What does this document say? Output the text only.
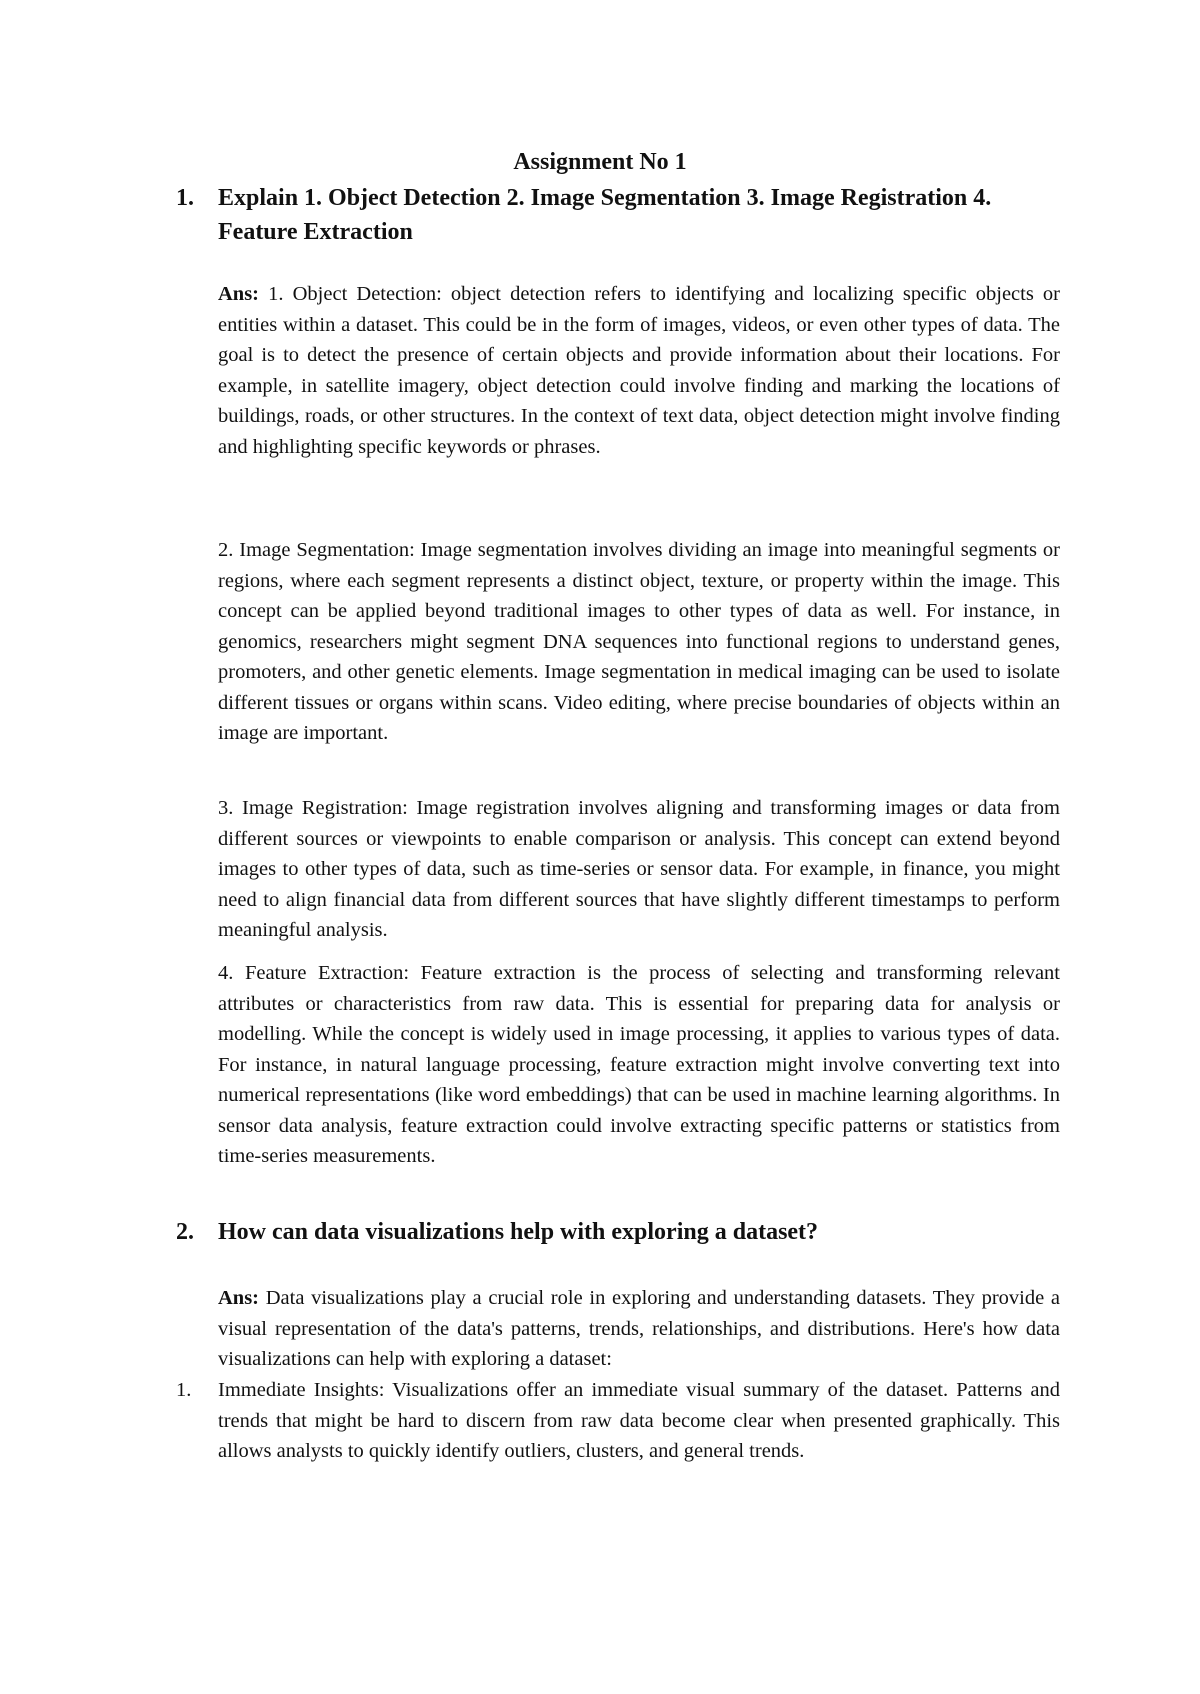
Assignment No 1
1. Explain 1. Object Detection 2. Image Segmentation 3. Image Registration 4. Feature Extraction

Ans: 1. Object Detection: object detection refers to identifying and localizing specific objects or entities within a dataset. This could be in the form of images, videos, or even other types of data. The goal is to detect the presence of certain objects and provide information about their locations. For example, in satellite imagery, object detection could involve finding and marking the locations of buildings, roads, or other structures. In the context of text data, object detection might involve finding and highlighting specific keywords or phrases.

2. Image Segmentation: Image segmentation involves dividing an image into meaningful segments or regions, where each segment represents a distinct object, texture, or property within the image. This concept can be applied beyond traditional images to other types of data as well. For instance, in genomics, researchers might segment DNA sequences into functional regions to understand genes, promoters, and other genetic elements. Image segmentation in medical imaging can be used to isolate different tissues or organs within scans. Video editing, where precise boundaries of objects within an image are important.

3. Image Registration: Image registration involves aligning and transforming images or data from different sources or viewpoints to enable comparison or analysis. This concept can extend beyond images to other types of data, such as time-series or sensor data. For example, in finance, you might need to align financial data from different sources that have slightly different timestamps to perform meaningful analysis.

4. Feature Extraction: Feature extraction is the process of selecting and transforming relevant attributes or characteristics from raw data. This is essential for preparing data for analysis or modelling. While the concept is widely used in image processing, it applies to various types of data. For instance, in natural language processing, feature extraction might involve converting text into numerical representations (like word embeddings) that can be used in machine learning algorithms. In sensor data analysis, feature extraction could involve extracting specific patterns or statistics from time-series measurements.

2. How can data visualizations help with exploring a dataset?

Ans: Data visualizations play a crucial role in exploring and understanding datasets. They provide a visual representation of the data's patterns, trends, relationships, and distributions. Here's how data visualizations can help with exploring a dataset:

1. Immediate Insights: Visualizations offer an immediate visual summary of the dataset. Patterns and trends that might be hard to discern from raw data become clear when presented graphically. This allows analysts to quickly identify outliers, clusters, and general trends.
